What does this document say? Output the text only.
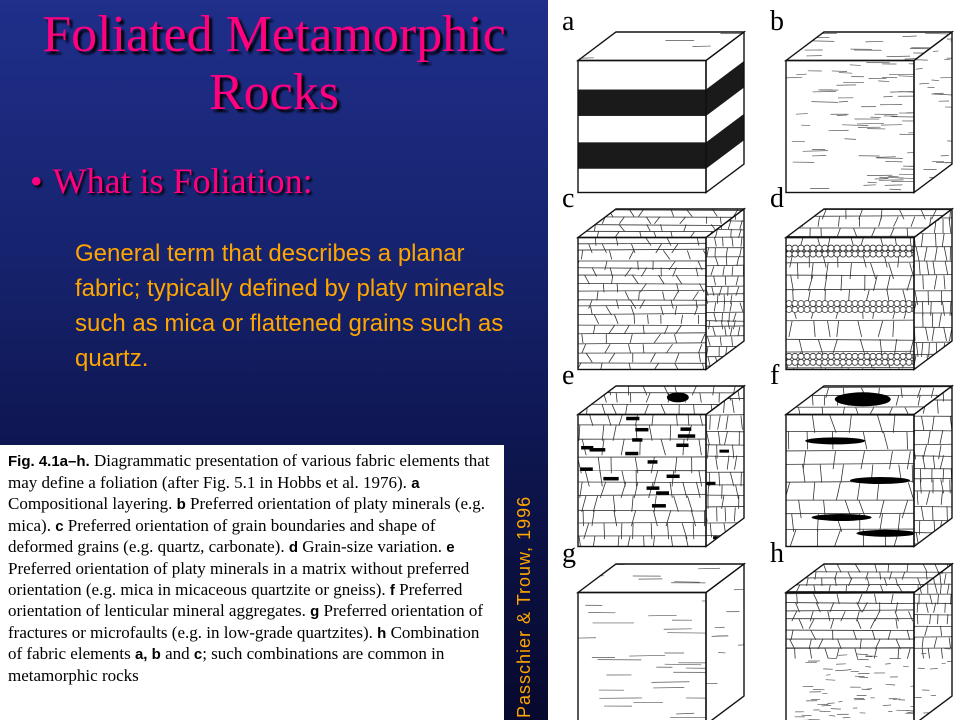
Foliated Metamorphic Rocks
• What is Foliation:
General term that describes a planar fabric; typically defined by platy minerals such as mica or flattened grains such as quartz.

Fig. 4.1a–h. Diagrammatic presentation of various fabric elements that may define a foliation (after Fig. 5.1 in Hobbs et al. 1976). a Compositional layering. b Preferred orientation of platy minerals (e.g. mica). c Preferred orientation of grain boundaries and shape of deformed grains (e.g. quartz, carbonate). d Grain-size variation. e Preferred orientation of platy minerals in a matrix without preferred orientation (e.g. mica in micaceous quartzite or gneiss). f Preferred orientation of lenticular mineral aggregates. g Preferred orientation of fractures or microfaults (e.g. in low-grade quartzites). h Combination of fabric elements a, b and c; such combinations are common in metamorphic rocks	Passchier & Trouw, 1996
a	b
c	d
e	f
g	h
